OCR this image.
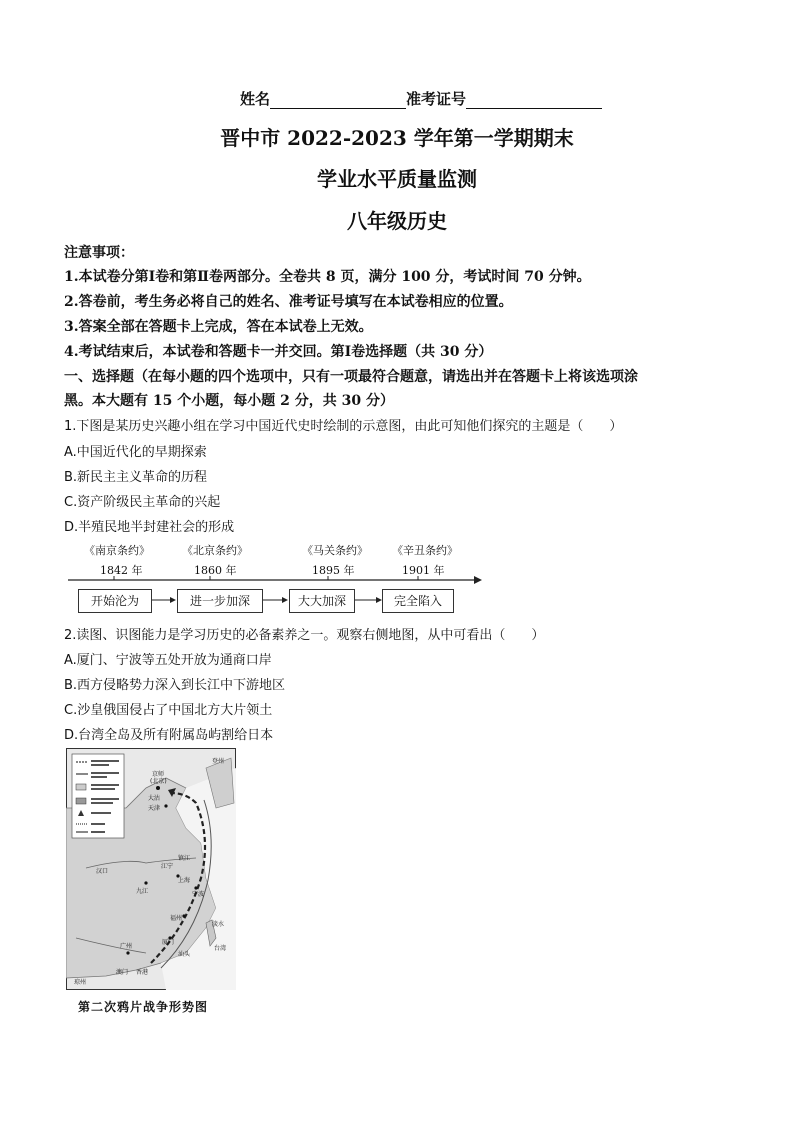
姓名	准考证号
晋中市 2022-2023 学年第一学期期末
学业水平质量监测
八年级历史
注意事项：
1.本试卷分第Ⅰ卷和第Ⅱ卷两部分。全卷共 8 页，满分 100 分，考试时间 70 分钟。
2.答卷前，考生务必将自己的姓名、准考证号填写在本试卷相应的位置。
3.答案全部在答题卡上完成，答在本试卷上无效。
4.考试结束后，本试卷和答题卡一并交回。第Ⅰ卷选择题（共 30 分）
一、选择题（在每小题的四个选项中，只有一项最符合题意，请选出并在答题卡上将该选项涂
黑。本大题有 15 个小题，每小题 2 分，共 30 分）
1.下图是某历史兴趣小组在学习中国近代史时绘制的示意图，由此可知他们探究的主题是（　　）
A.中国近代化的早期探索
B.新民主主义革命的历程
C.资产阶级民主革命的兴起
D.半殖民地半封建社会的形成
《南京条约》	《北京条约》	《马关条约》 《辛丑条约》
1842 年	1860 年	1895 年	1901 年
开始沦为	进一步加深	大大加深	完全陷入
2.读图、识图能力是学习历史的必备素养之一。观察右侧地图，从中可看出（　　）
A.厦门、宁波等五处开放为通商口岸
B.西方侵略势力深入到长江中下游地区
C.沙皇俄国侵占了中国北方大片领土
D.台湾全岛及所有附属岛屿割给日本
京师
(北京)
大沽
天津
登州
汉口
九江
江宁
镇江
上海
宁波
福州
厦门
广州	台湾
淡水
汕头
琼州
香港
澳门
第二次鸦片战争形势图
